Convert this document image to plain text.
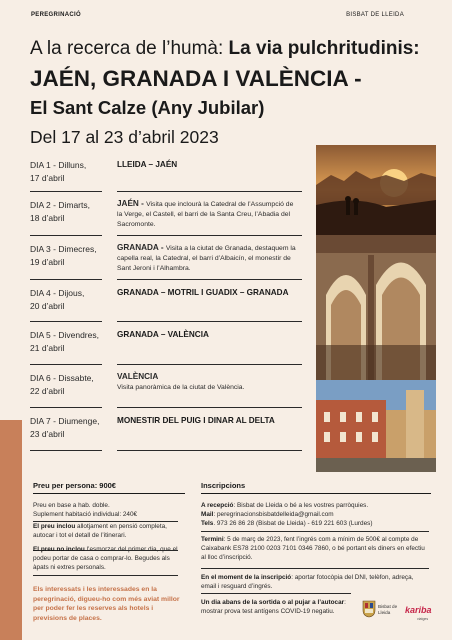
PEREGRINACIÓ	BISBAT DE LLEIDA
A la recerca de l’humà: La via pulchritudinis:
JAÉN, GRANADA I VALÈNCIA -
El Sant Calze (Any Jubilar)
Del 17 al 23 d’abril 2023
DIA 1 - Dilluns,
17 d’abril
LLEIDA – JAÉN
DIA 2 - Dimarts,
18 d’abril
JAÉN - Visita que inclourà la Catedral de l’Assumpció de la Verge, el Castell, el barri de la Santa Creu, l’Abadia del Sacromonte.
DIA 3 - Dimecres,
19 d’abril
GRANADA - Visita a la ciutat de Granada, destaquem la capella real, la Catedral, el barri d’Albaicín, el monestir de Sant Jeroni i l’Alhambra.
DIA 4 - Dijous,
20 d’abril
GRANADA – MOTRIL I GUADIX – GRANADA
DIA 5 - Divendres,
21 d’abril
GRANADA – VALÈNCIA
DIA 6 - Dissabte,
22 d’abril
VALÈNCIA
Visita panoràmica de la ciutat de València.
DIA 7 - Diumenge,
23 d’abril
MONESTIR DEL PUIG I DINAR AL DELTA
Preu per persona: 900€
Preu en base a hab. doble.
Suplement habitació individual: 240€
El preu inclou allotjament en pensió completa, autocar i tot el detall de l’itinerari.
El preu no inclou l’esmorzar del primer dia, que el podeu portar de casa o comprar-lo. Begudes als àpats ni extres personals.
Els interessats i les interessades en la peregrinació, digueu-ho com més aviat millor per poder fer les reserves als hotels i previsions de places.
Inscripcions
A recepció: Bisbat de Lleida o bé a les vostres parròquies.
Mail: peregrinacionsbisbatdelleida@gmail.com
Tels. 973 26 86 28 (Bisbat de Lleida) - 619 221 603 (Lurdes)
Termini: 5 de març de 2023, fent l’ingrés com a mínim de 500€ al compte de Caixabank ES78 2100 0203 7101 0346 7860, o bé portant els diners en efectiu al lloc d’inscripció.
En el moment de la inscripció: aportar fotocòpia del DNI, telèfon, adreça, email i resguard d’ingrés.
Un dia abans de la sortida o al pujar a l’autocar: mostrar prova test antígens COVID-19 negatiu.
Bisbat de Lleida	kariba
viatges
